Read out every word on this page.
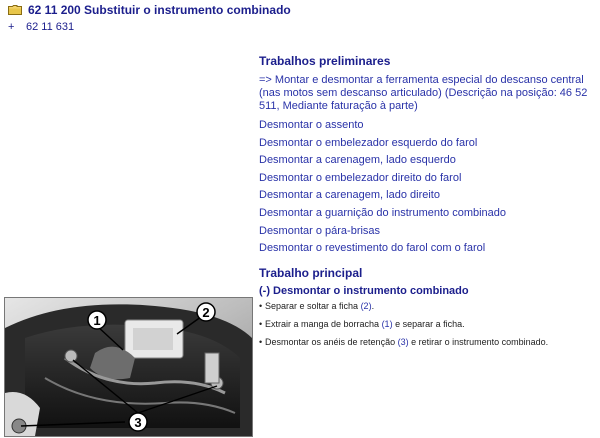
62 11 200 Substituir o instrumento combinado
+ 62 11 631
Trabalhos preliminares
=> Montar e desmontar a ferramenta especial do descanso central (nas motos sem descanso articulado) (Descrição na posição: 46 52 511, Mediante faturação à parte)
Desmontar o assento
Desmontar o embelezador esquerdo do farol
Desmontar a carenagem, lado esquerdo
Desmontar o embelezador direito do farol
Desmontar a carenagem, lado direito
Desmontar a guarnição do instrumento combinado
Desmontar o pára-brisas
Desmontar o revestimento do farol com o farol
Trabalho principal
(-) Desmontar o instrumento combinado
• Separar e soltar a ficha (2).
• Extrair a manga de borracha (1) e separar a ficha.
• Desmontar os anéis de retenção (3) e retirar o instrumento combinado.
1
2
3
